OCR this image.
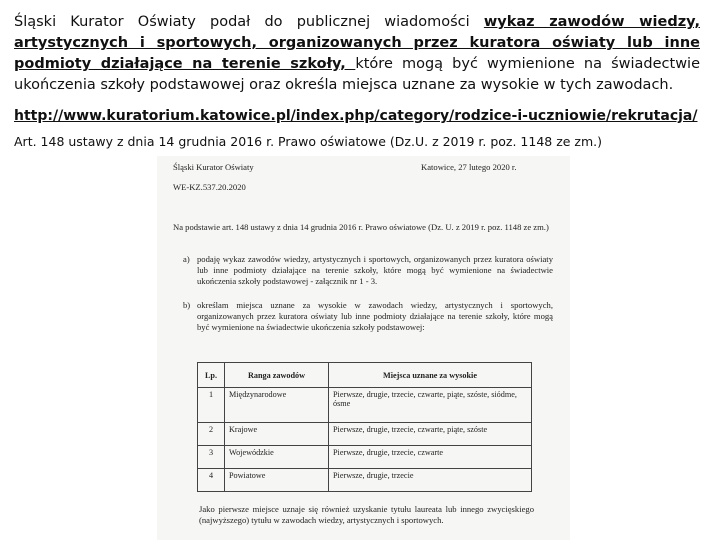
Śląski Kurator Oświaty podał do publicznej wiadomości wykaz zawodów wiedzy, artystycznych i sportowych, organizowanych przez kuratora oświaty lub inne podmioty działające na terenie szkoły, które mogą być wymienione na świadectwie ukończenia szkoły podstawowej oraz określa miejsca uznane za wysokie w tych zawodach.
http://www.kuratorium.katowice.pl/index.php/category/rodzice-i-uczniowie/rekrutacja/
Art. 148 ustawy z dnia 14 grudnia 2016 r. Prawo oświatowe (Dz.U. z 2019 r. poz. 1148 ze zm.)
Śląski Kurator Oświaty	Katowice, 27 lutego 2020 r.
WE-KZ.537.20.2020
Na podstawie art. 148 ustawy z dnia 14 grudnia 2016 r. Prawo oświatowe (Dz. U. z 2019 r. poz. 1148 ze zm.)
a) podaję wykaz zawodów wiedzy, artystycznych i sportowych, organizowanych przez kuratora oświaty lub inne podmioty działające na terenie szkoły, które mogą być wymienione na świadectwie ukończenia szkoły podstawowej - załącznik nr 1 - 3.
b) określam miejsca uznane za wysokie w zawodach wiedzy, artystycznych i sportowych, organizowanych przez kuratora oświaty lub inne podmioty działające na terenie szkoły, które mogą być wymienione na świadectwie ukończenia szkoły podstawowej:
Lp.	Ranga zawodów	Miejsca uznane za wysokie
1	Międzynarodowe	Pierwsze, drugie, trzecie, czwarte, piąte, szóste, siódme, ósme
2	Krajowe	Pierwsze, drugie, trzecie, czwarte, piąte, szóste
3	Wojewódzkie	Pierwsze, drugie, trzecie, czwarte
4	Powiatowe	Pierwsze, drugie, trzecie
Jako pierwsze miejsce uznaje się również uzyskanie tytułu laureata lub innego zwycięskiego (najwyższego) tytułu w zawodach wiedzy, artystycznych i sportowych.
